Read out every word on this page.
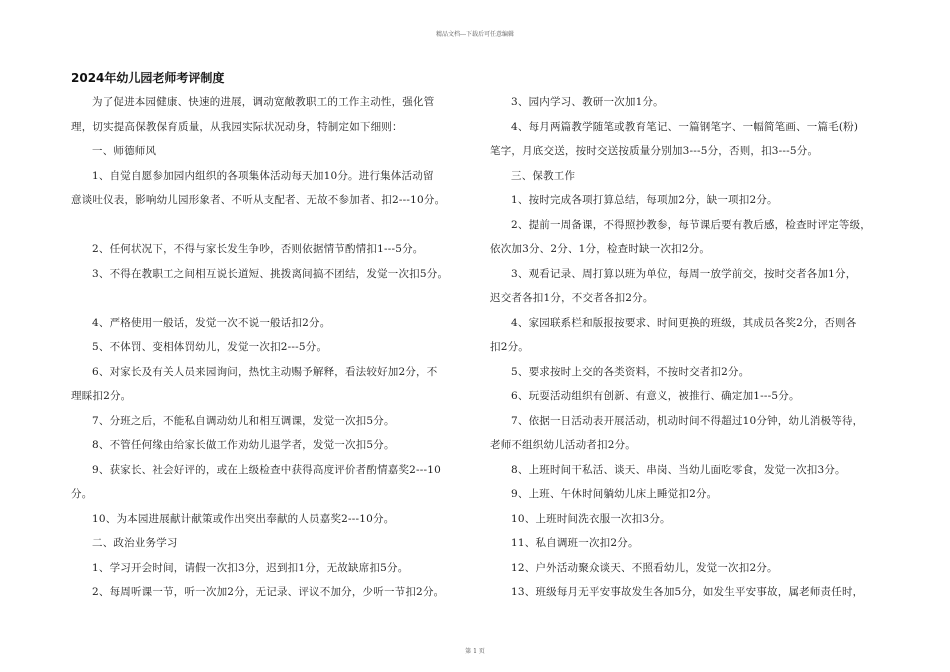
精品文档---下载后可任意编辑
2024年幼儿园老师考评制度

为了促进本园健康、快速的进展，调动宽敞教职工的工作主动性，强化管

理，切实提高保教保育质量，从我园实际状况动身，特制定如下细则：

一、师德师风

1、自觉自愿参加园内组织的各项集体活动每天加10分。进行集体活动留

意谈吐仪表，影响幼儿园形象者、不听从支配者、无故不参加者、扣2---10分。

2、任何状况下，不得与家长发生争吵，否则依据情节酌情扣1---5分。

3、不得在教职工之间相互说长道短、挑拨离间搞不团结，发觉一次扣5分。

4、严格使用一般话，发觉一次不说一般话扣2分。

5、不体罚、变相体罚幼儿，发觉一次扣2---5分。

6、对家长及有关人员来园询问，热忱主动赐予解释，看法较好加2分，不

理睬扣2分。

7、分班之后，不能私自调动幼儿和相互调课，发觉一次扣5分。

8、不管任何缘由给家长做工作劝幼儿退学者，发觉一次扣5分。

9、获家长、社会好评的，或在上级检查中获得高度评价者酌情嘉奖2---10

分。

10、为本园进展献计献策或作出突出奉献的人员嘉奖2---10分。

二、政治业务学习

1、学习开会时间，请假一次扣3分，迟到扣1分，无故缺席扣5分。

2、每周听课一节，听一次加2分，无记录、评议不加分，少听一节扣2分。

3、园内学习、教研一次加1分。

4、每月两篇教学随笔或教育笔记、一篇钢笔字、一幅简笔画、一篇毛(粉)

笔字，月底交送，按时交送按质量分别加3---5分，否则，扣3---5分。

三、保教工作

1、按时完成各项打算总结，每项加2分，缺一项扣2分。

2、提前一周备课，不得照抄教参，每节课后要有教后感，检查时评定等级，

依次加3分、2分、1分，检查时缺一次扣2分。

3、观看记录、周打算以班为单位，每周一放学前交，按时交者各加1分，

迟交者各扣1分，不交者各扣2分。

4、家园联系栏和版报按要求、时间更换的班级，其成员各奖2分，否则各

扣2分。

5、要求按时上交的各类资料，不按时交者扣2分。

6、玩耍活动组织有创新、有意义，被推行、确定加1---5分。

7、依据一日活动表开展活动，机动时间不得超过10分钟，幼儿消极等待，

老师不组织幼儿活动者扣2分。

8、上班时间干私活、谈天、串岗、当幼儿面吃零食，发觉一次扣3分。

9、上班、午休时间躺幼儿床上睡觉扣2分。

10、上班时间洗衣服一次扣3分。

11、私自调班一次扣2分。

12、户外活动聚众谈天、不照看幼儿，发觉一次扣2分。

13、班级每月无平安事故发生各加5分，如发生平安事故，属老师责任时，

第 1 页
